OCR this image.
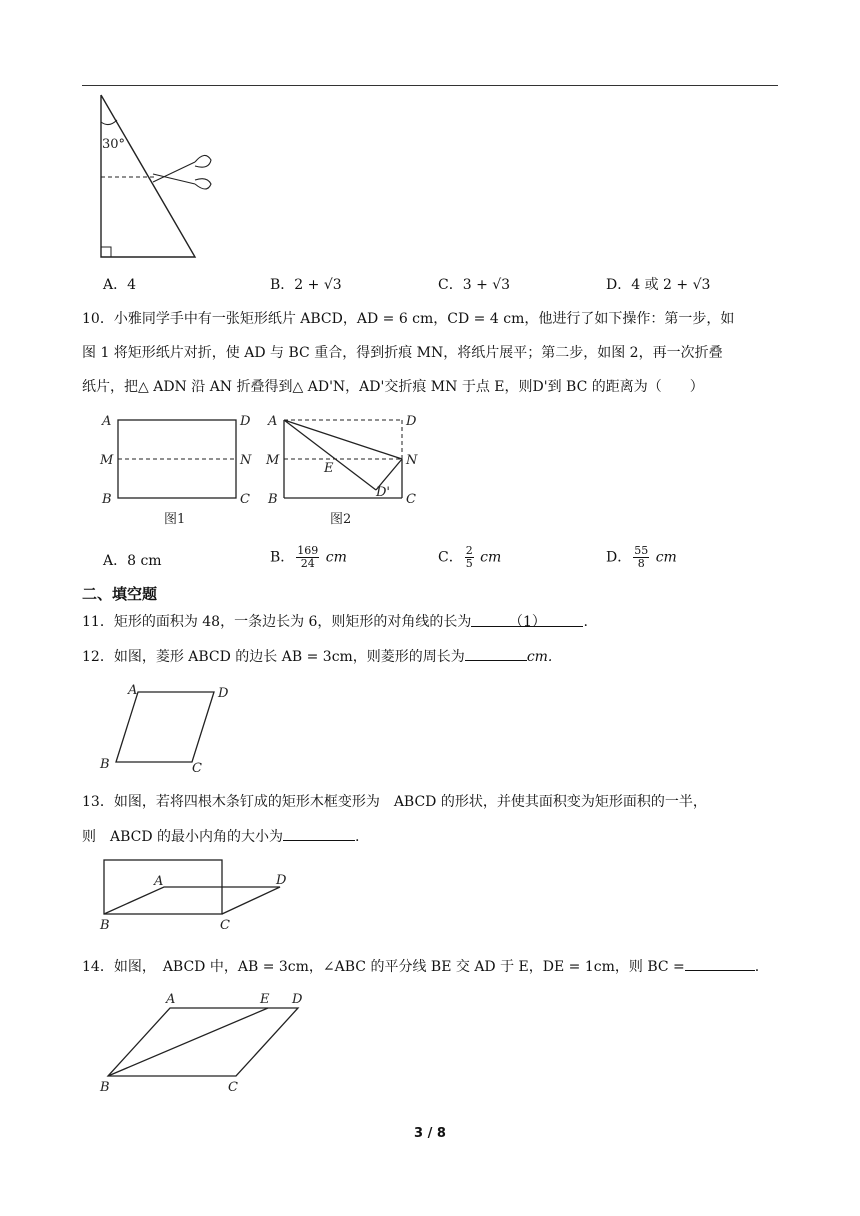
30°
A．4	B．2 + √3	C．3 + √3	D．4 或 2 + √3
10．小雅同学手中有一张矩形纸片 ABCD，AD = 6 cm，CD = 4 cm，他进行了如下操作：第一步，如
图 1 将矩形纸片对折，使 AD 与 BC 重合，得到折痕 MN，将纸片展平；第二步，如图 2，再一次折叠
纸片，把△ ADN 沿 AN 折叠得到△ AD'N，AD'交折痕 MN 于点 E，则D'到 BC 的距离为（　　）
A	D
M	N
B	C
图1
A	D
M	N
E
B	C
D'
图2
A．8 cm	B． $\frac{169}{24}$ cm	C． $\frac{2}{5}$ cm	D． $\frac{55}{8}$ cm
二、填空题
11．矩形的面积为 48，一条边长为 6，则矩形的对角线的长为	（1）	.
12．如图，菱形 ABCD 的边长 AB = 3cm，则菱形的周长为	cm.
A	D
B	C
13．如图，若将四根木条钉成的矩形木框变形为　ABCD 的形状，并使其面积变为矩形面积的一半，
则　ABCD 的最小内角的大小为	.
A	D
B	C
14．如图，　ABCD 中，AB = 3cm，∠ABC 的平分线 BE 交 AD 于 E，DE = 1cm，则 BC =	.
A	E D
B	C
3 / 8
